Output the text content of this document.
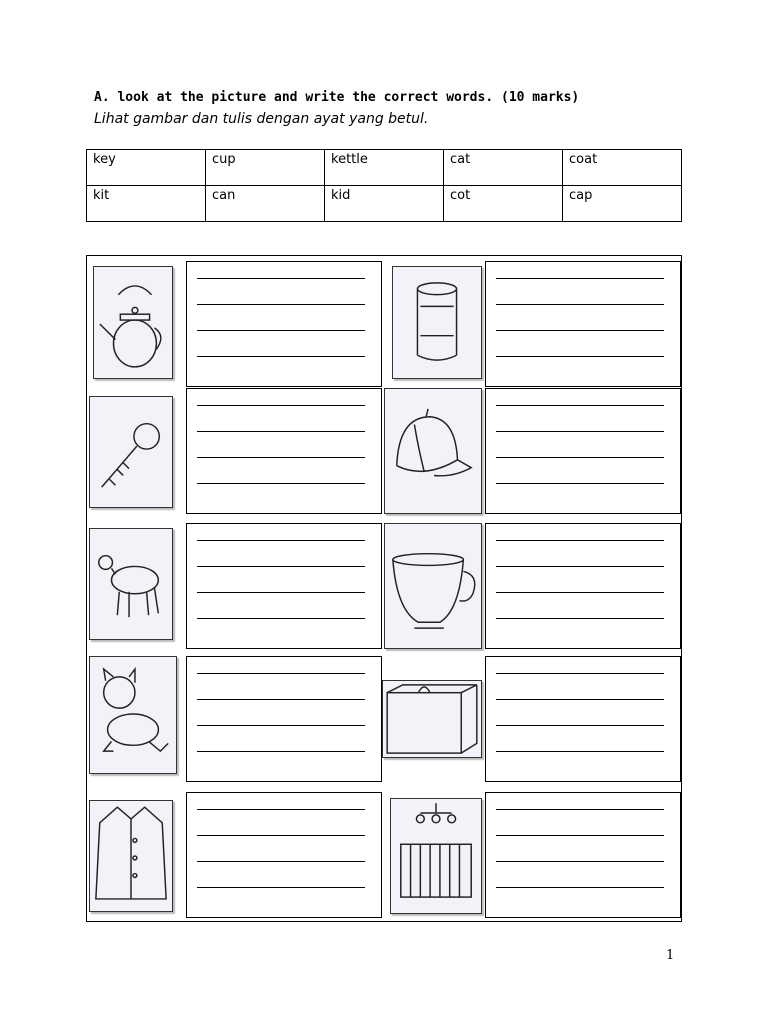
A. look at the picture and write the correct words. (10 marks)
Lihat gambar dan tulis dengan ayat yang betul.
key	cup	kettle	cat	coat
kit	can	kid	cot	cap
1
